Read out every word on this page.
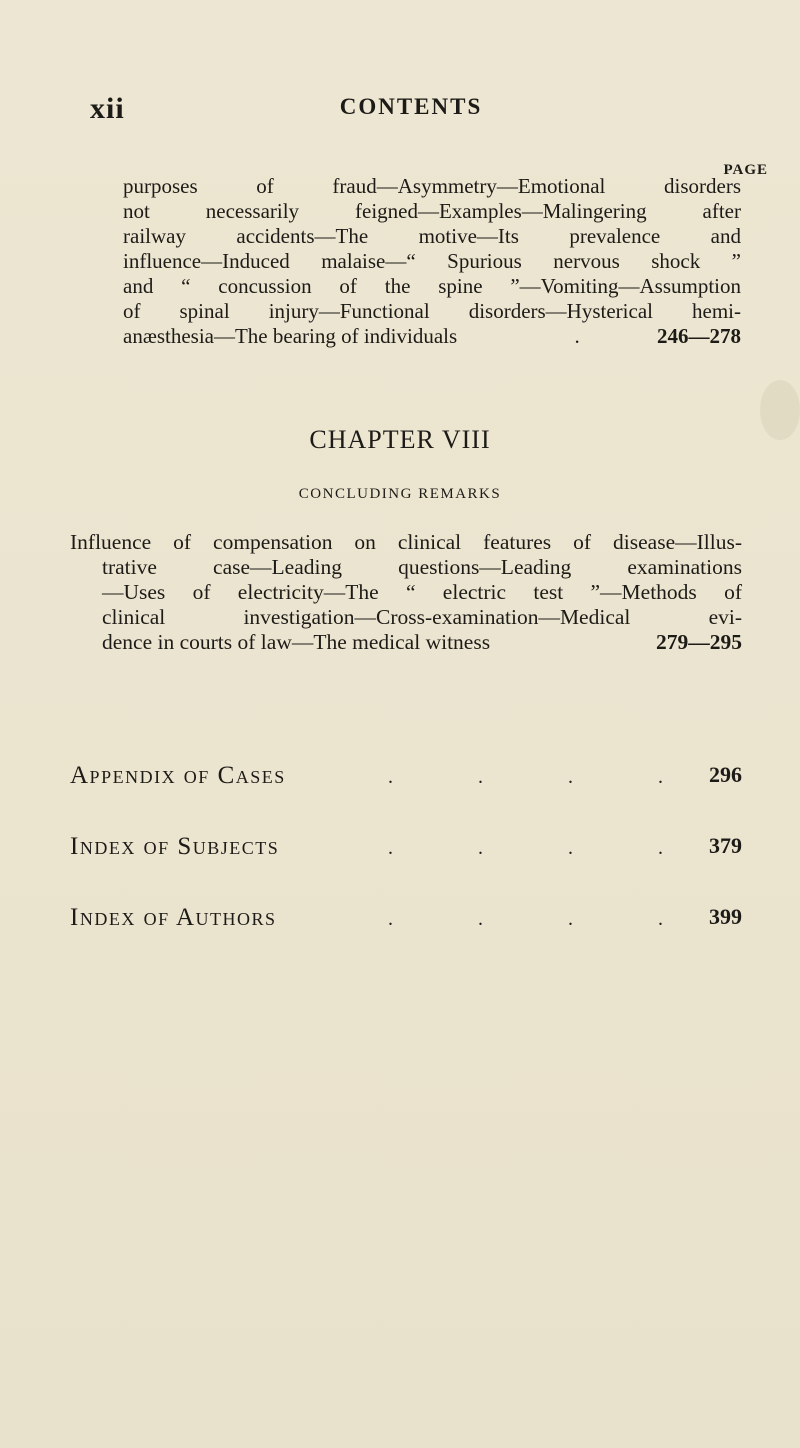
xii	CONTENTS
PAGE
purposes of fraud—Asymmetry—Emotional disorders
not necessarily feigned—Examples—Malingering after
railway accidents—The motive—Its prevalence and
influence—Induced malaise—“ Spurious nervous shock ”
and “ concussion of the spine ”—Vomiting—Assumption
of spinal injury—Functional disorders—Hysterical hemi-
anæsthesia—The bearing of individuals	.	246—278
CHAPTER VIII
CONCLUDING REMARKS
Influence of compensation on clinical features of disease—Illus-
trative case—Leading questions—Leading examinations
—Uses of electricity—The “ electric test ”—Methods of
clinical investigation—Cross-examination—Medical evi-
dence in courts of law—The medical witness	279—295
Appendix of Cases	. . . . 296
Index of Subjects	. . . . 379
Index of Authors	. . . . 399
